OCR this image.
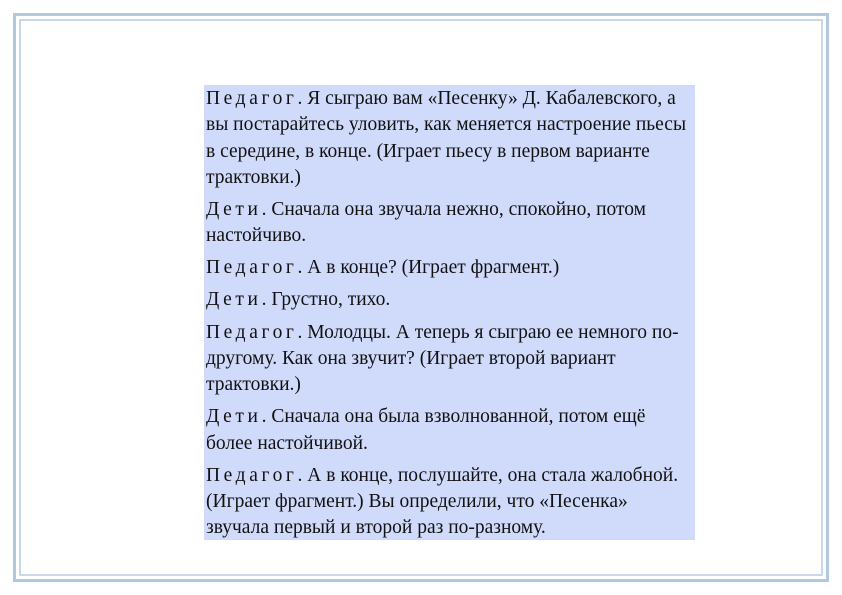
Педагог. Я сыграю вам «Песенку» Д. Кабалевского, а вы постарайтесь уловить, как меняется настроение пьесы в середине, в конце. (Играет пьесу в первом варианте трактовки.)

Дети. Сначала она звучала нежно, спокойно, потом настойчиво.

Педагог. А в конце? (Играет фрагмент.)

Дети. Грустно, тихо.

Педагог. Молодцы. А теперь я сыграю ее немного по-другому. Как она звучит? (Играет второй вариант трактовки.)

Дети. Сначала она была взволнованной, потом ещё более настойчивой.

Педагог. А в конце, послушайте, она стала жалобной. (Играет фрагмент.) Вы определили, что «Песенка» звучала первый и второй раз по-разному.
